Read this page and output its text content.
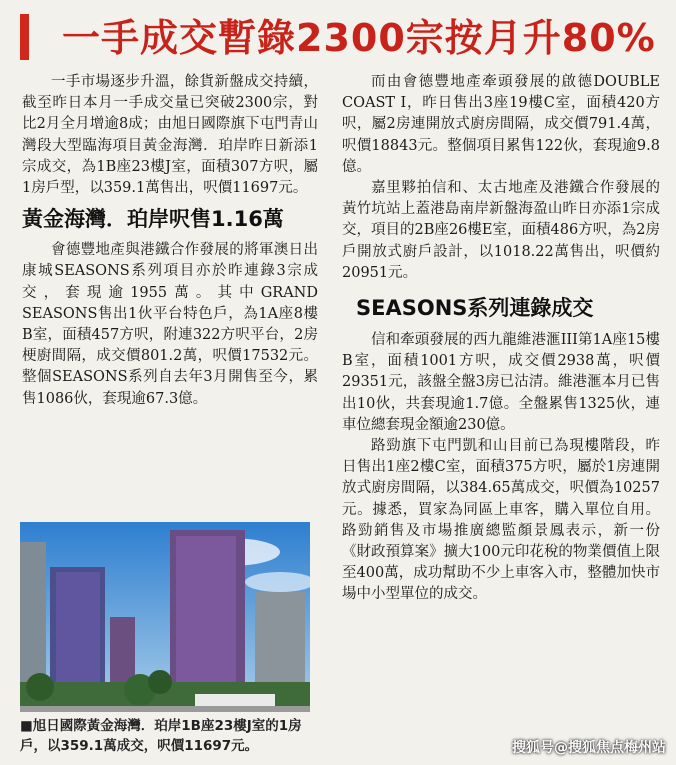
一手成交暫錄2300宗按月升80%

一手市場逐步升溫，餘貨新盤成交持續，截至昨日本月一手成交量已突破2300宗，對比2月全月增逾8成；由旭日國際旗下屯門青山灣段大型臨海項目黃金海灣．珀岸昨日新添1宗成交，為1B座23樓J室，面積307方呎，屬1房戶型，以359.1萬售出，呎價11697元。

黃金海灣．珀岸呎售1.16萬

會德豐地產與港鐵合作發展的將軍澳日出康城SEASONS系列項目亦於昨連錄3宗成交，套現逾1955萬。其中GRAND SEASONS售出1伙平台特色戶，為1A座8樓B室，面積457方呎，附連322方呎平台，2房梗廚間隔，成交價801.2萬，呎價17532元。整個SEASONS系列自去年3月開售至今，累售1086伙，套現逾67.3億。

■旭日國際黃金海灣．珀岸1B座23樓J室的1房戶，以359.1萬成交，呎價11697元。

而由會德豐地產牽頭發展的啟德DOUBLE COAST I，昨日售出3座19樓C室，面積420方呎，屬2房連開放式廚房間隔，成交價791.4萬，呎價18843元。整個項目累售122伙，套現逾9.8億。

嘉里夥拍信和、太古地產及港鐵合作發展的黃竹坑站上蓋港島南岸新盤海盈山昨日亦添1宗成交，項目的2B座26樓E室，面積486方呎，為2房戶開放式廚戶設計，以1018.22萬售出，呎價約20951元。

SEASONS系列連錄成交

信和牽頭發展的西九龍維港滙III第1A座15樓B室，面積1001方呎，成交價2938萬，呎價29351元，該盤全盤3房已沽清。維港滙本月已售出10伙，共套現逾1.7億。全盤累售1325伙，連車位總套現金額逾230億。

路勁旗下屯門凱和山目前已為現樓階段，昨日售出1座2樓C室，面積375方呎，屬於1房連開放式廚房間隔，以384.65萬成交，呎價為10257元。據悉，買家為同區上車客，購入單位自用。路勁銷售及市場推廣總監顏景鳳表示，新一份《財政預算案》擴大100元印花稅的物業價值上限至400萬，成功幫助不少上車客入市，整體加快市場中小型單位的成交。

搜狐号@搜狐焦点梅州站
